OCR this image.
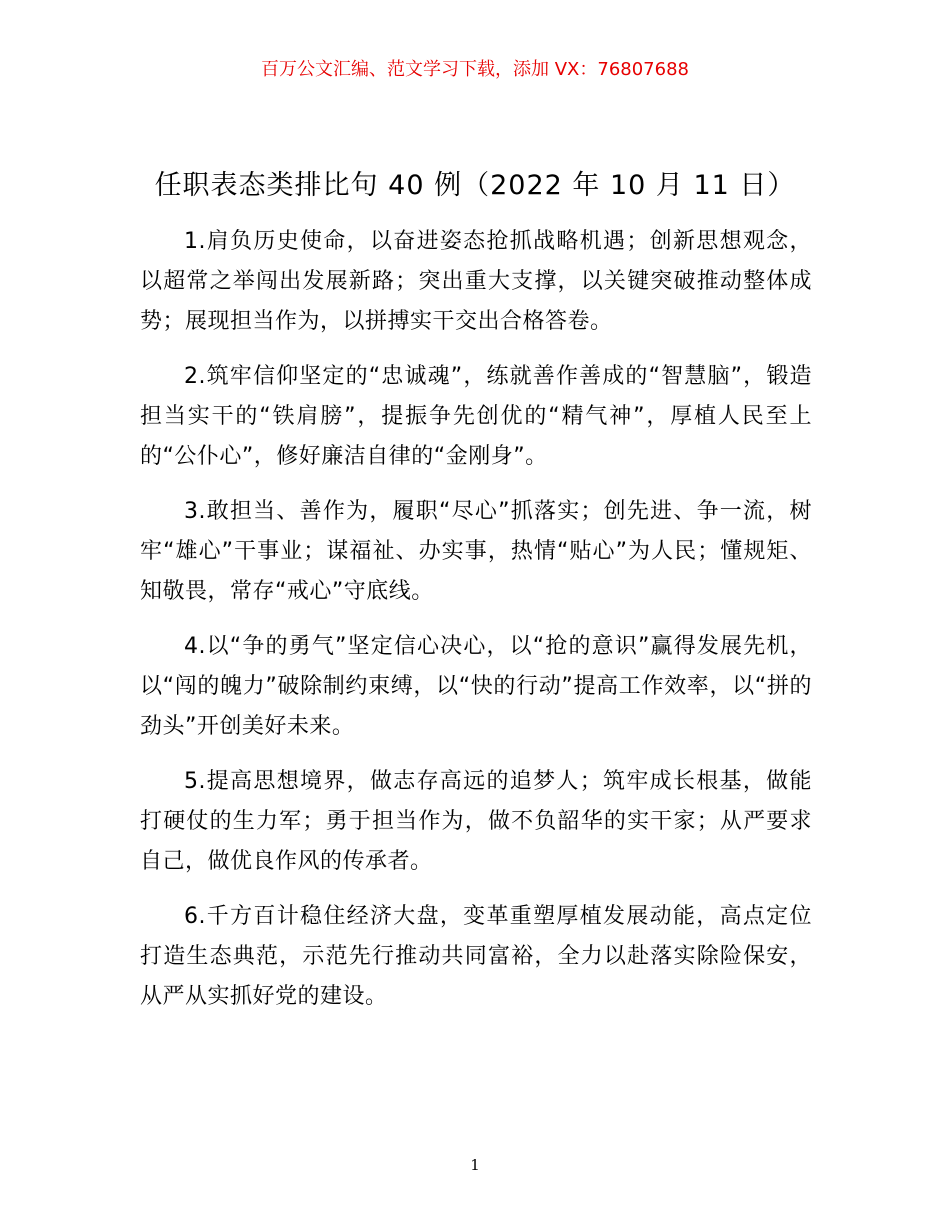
百万公文汇编、范文学习下载，添加 VX：76807688
任职表态类排比句 40 例（2022 年 10 月 11 日）

1.肩负历史使命，以奋进姿态抢抓战略机遇；创新思想观念，以超常之举闯出发展新路；突出重大支撑，以关键突破推动整体成势；展现担当作为，以拼搏实干交出合格答卷。

2.筑牢信仰坚定的“忠诚魂”，练就善作善成的“智慧脑”，锻造担当实干的“铁肩膀”，提振争先创优的“精气神”，厚植人民至上的“公仆心”，修好廉洁自律的“金刚身”。

3.敢担当、善作为，履职“尽心”抓落实；创先进、争一流，树牢“雄心”干事业；谋福祉、办实事，热情“贴心”为人民；懂规矩、知敬畏，常存“戒心”守底线。

4.以“争的勇气”坚定信心决心，以“抢的意识”赢得发展先机，以“闯的魄力”破除制约束缚，以“快的行动”提高工作效率，以“拼的劲头”开创美好未来。

5.提高思想境界，做志存高远的追梦人；筑牢成长根基，做能打硬仗的生力军；勇于担当作为，做不负韶华的实干家；从严要求自己，做优良作风的传承者。

6.千方百计稳住经济大盘，变革重塑厚植发展动能，高点定位打造生态典范，示范先行推动共同富裕，全力以赴落实除险保安，从严从实抓好党的建设。

1
